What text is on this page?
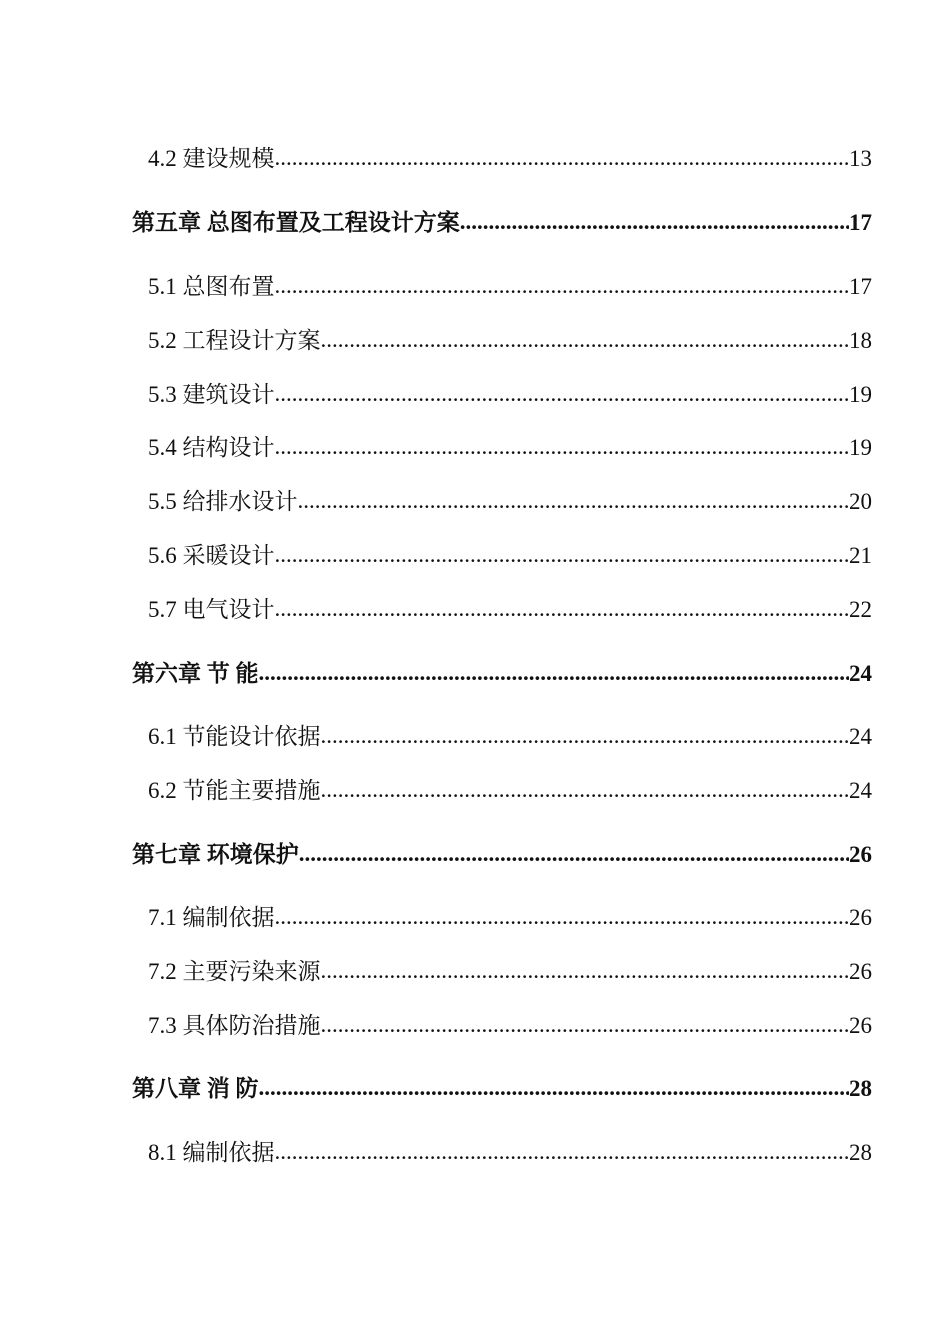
4.2 建设规模 .....	13
第五章 总图布置及工程设计方案 .....	17
5.1 总图布置 .....	17
5.2 工程设计方案 .....	18
5.3 建筑设计 .....	19
5.4 结构设计 .....	19
5.5 给排水设计 .....	20
5.6 采暖设计 .....	21
5.7 电气设计 .....	22
第六章 节 能 .....	24
6.1 节能设计依据 .....	24
6.2 节能主要措施 .....	24
第七章 环境保护 .....	26
7.1 编制依据 .....	26
7.2 主要污染来源 .....	26
7.3 具体防治措施 .....	26
第八章 消 防 .....	28
8.1 编制依据 .....	28
